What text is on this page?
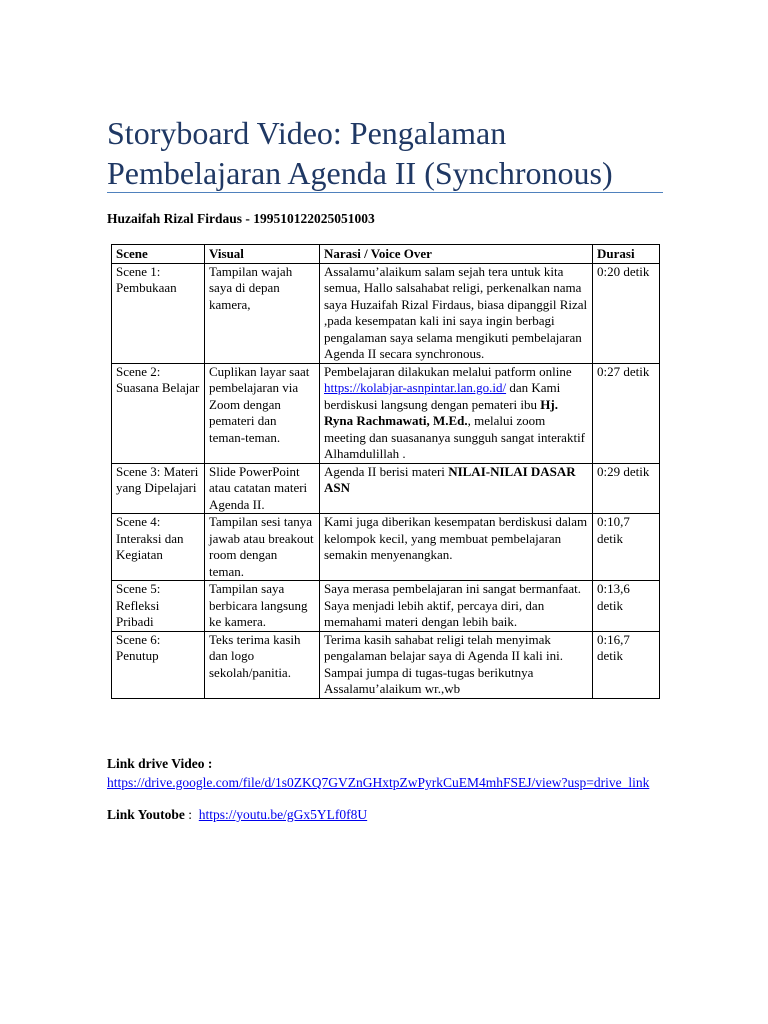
Storyboard Video: Pengalaman Pembelajaran Agenda II (Synchronous)
Huzaifah Rizal Firdaus - 199510122025051003
Scene	Visual	Narasi / Voice Over	Durasi
Scene 1: Pembukaan	Tampilan wajah saya di depan kamera,	Assalamu’alaikum salam sejah tera untuk kita semua, Hallo salsahabat religi, perkenalkan nama saya Huzaifah Rizal Firdaus, biasa dipanggil Rizal ,pada kesempatan kali ini saya ingin berbagi pengalaman saya selama mengikuti pembelajaran Agenda II secara synchronous.	0:20 detik
Scene 2: Suasana Belajar	Cuplikan layar saat pembelajaran via Zoom dengan pemateri dan teman-teman.	Pembelajaran dilakukan melalui patform online https://kolabjar-asnpintar.lan.go.id/ dan Kami berdiskusi langsung dengan pemateri ibu Hj. Ryna Rachmawati, M.Ed., melalui zoom meeting dan suasananya sungguh sangat interaktif Alhamdulillah .	0:27 detik
Scene 3: Materi yang Dipelajari	Slide PowerPoint atau catatan materi Agenda II.	Agenda II berisi materi NILAI-NILAI DASAR ASN	0:29 detik
Scene 4: Interaksi dan Kegiatan	Tampilan sesi tanya jawab atau breakout room dengan teman.	Kami juga diberikan kesempatan berdiskusi dalam kelompok kecil, yang membuat pembelajaran semakin menyenangkan.	0:10,7 detik
Scene 5: Refleksi Pribadi	Tampilan saya berbicara langsung ke kamera.	Saya merasa pembelajaran ini sangat bermanfaat. Saya menjadi lebih aktif, percaya diri, dan memahami materi dengan lebih baik.	0:13,6 detik
Scene 6: Penutup	Teks terima kasih dan logo sekolah/panitia.	Terima kasih sahabat religi telah menyimak pengalaman belajar saya di Agenda II kali ini. Sampai jumpa di tugas-tugas berikutnya Assalamu’alaikum wr.,wb	0:16,7 detik
Link drive Video :
https://drive.google.com/file/d/1s0ZKQ7GVZnGHxtpZwPyrkCuEM4mhFSEJ/view?usp=drive_link
Link Youtobe :  https://youtu.be/gGx5YLf0f8U
